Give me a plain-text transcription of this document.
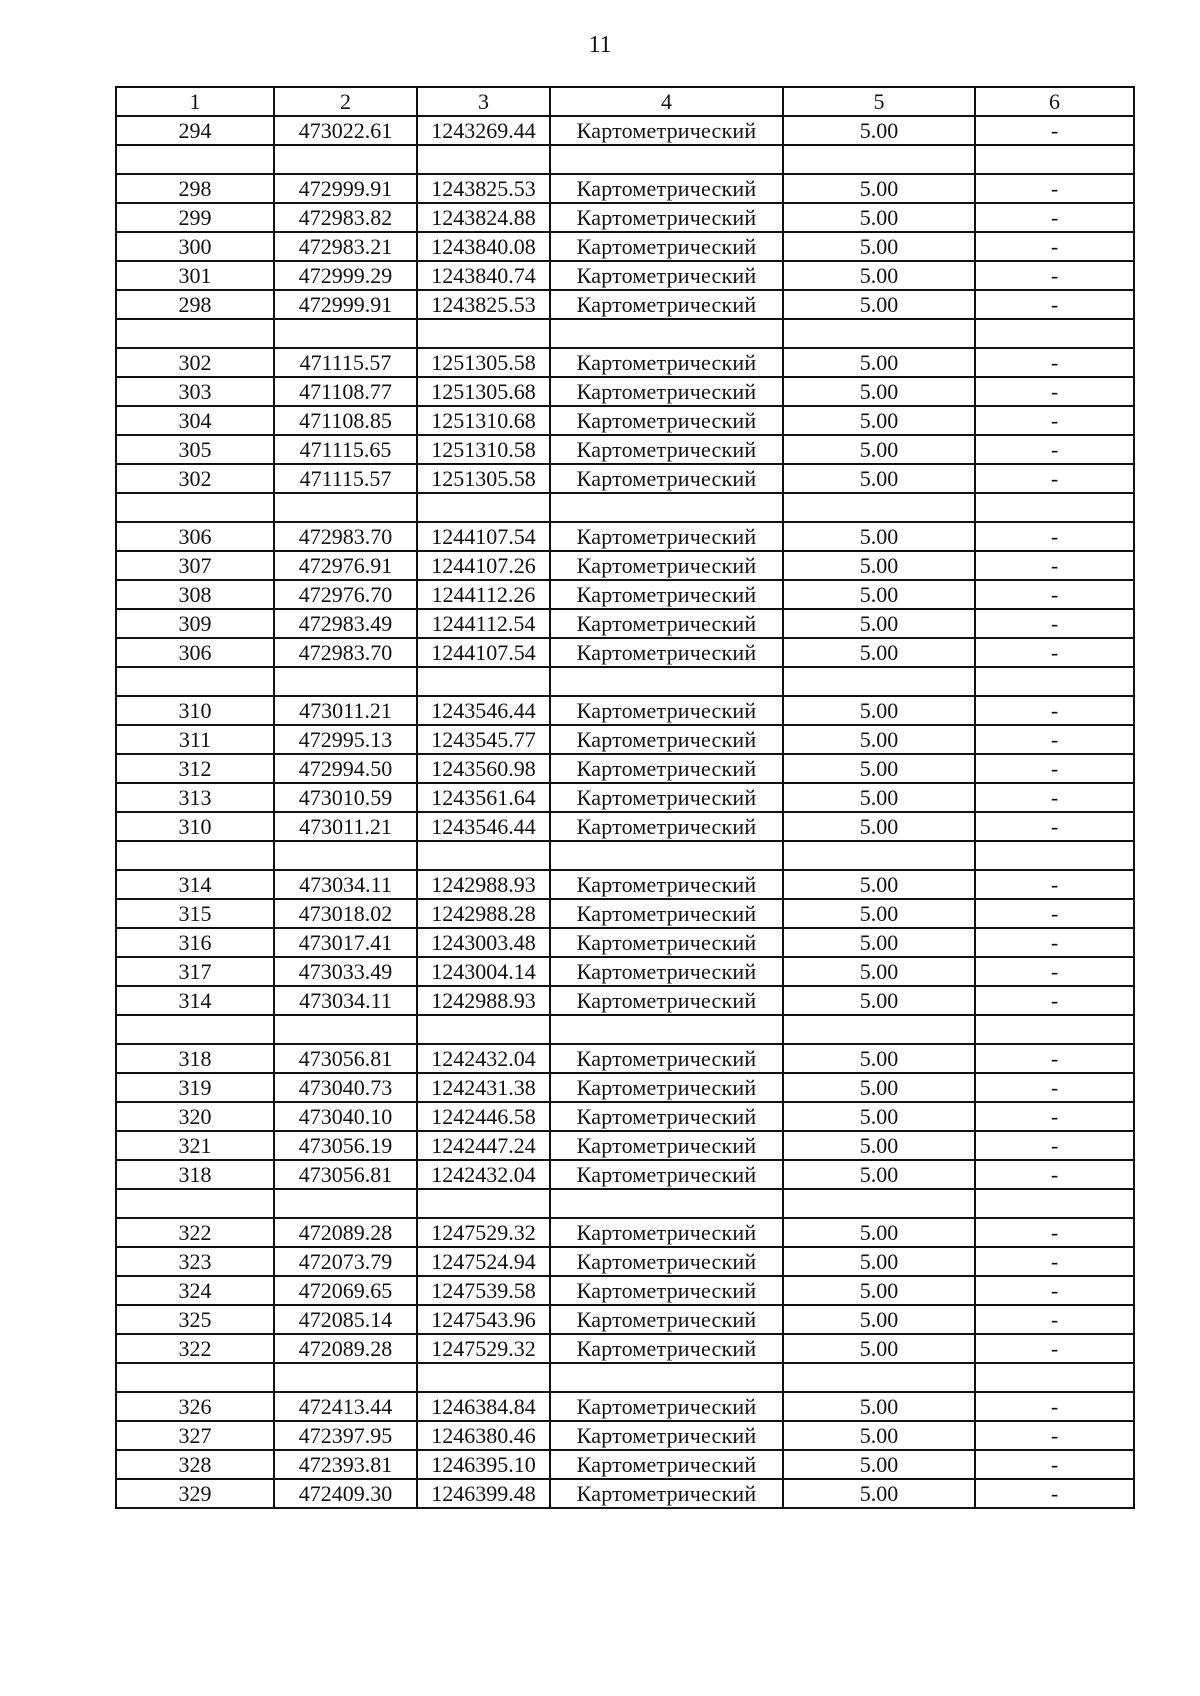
11
1	2	3	4	5	6
294	473022.61	1243269.44	Картометрический	5.00	-

298	472999.91	1243825.53	Картометрический	5.00	-
299	472983.82	1243824.88	Картометрический	5.00	-
300	472983.21	1243840.08	Картометрический	5.00	-
301	472999.29	1243840.74	Картометрический	5.00	-
298	472999.91	1243825.53	Картометрический	5.00	-

302	471115.57	1251305.58	Картометрический	5.00	-
303	471108.77	1251305.68	Картометрический	5.00	-
304	471108.85	1251310.68	Картометрический	5.00	-
305	471115.65	1251310.58	Картометрический	5.00	-
302	471115.57	1251305.58	Картометрический	5.00	-

306	472983.70	1244107.54	Картометрический	5.00	-
307	472976.91	1244107.26	Картометрический	5.00	-
308	472976.70	1244112.26	Картометрический	5.00	-
309	472983.49	1244112.54	Картометрический	5.00	-
306	472983.70	1244107.54	Картометрический	5.00	-

310	473011.21	1243546.44	Картометрический	5.00	-
311	472995.13	1243545.77	Картометрический	5.00	-
312	472994.50	1243560.98	Картометрический	5.00	-
313	473010.59	1243561.64	Картометрический	5.00	-
310	473011.21	1243546.44	Картометрический	5.00	-

314	473034.11	1242988.93	Картометрический	5.00	-
315	473018.02	1242988.28	Картометрический	5.00	-
316	473017.41	1243003.48	Картометрический	5.00	-
317	473033.49	1243004.14	Картометрический	5.00	-
314	473034.11	1242988.93	Картометрический	5.00	-

318	473056.81	1242432.04	Картометрический	5.00	-
319	473040.73	1242431.38	Картометрический	5.00	-
320	473040.10	1242446.58	Картометрический	5.00	-
321	473056.19	1242447.24	Картометрический	5.00	-
318	473056.81	1242432.04	Картометрический	5.00	-

322	472089.28	1247529.32	Картометрический	5.00	-
323	472073.79	1247524.94	Картометрический	5.00	-
324	472069.65	1247539.58	Картометрический	5.00	-
325	472085.14	1247543.96	Картометрический	5.00	-
322	472089.28	1247529.32	Картометрический	5.00	-

326	472413.44	1246384.84	Картометрический	5.00	-
327	472397.95	1246380.46	Картометрический	5.00	-
328	472393.81	1246395.10	Картометрический	5.00	-
329	472409.30	1246399.48	Картометрический	5.00	-
